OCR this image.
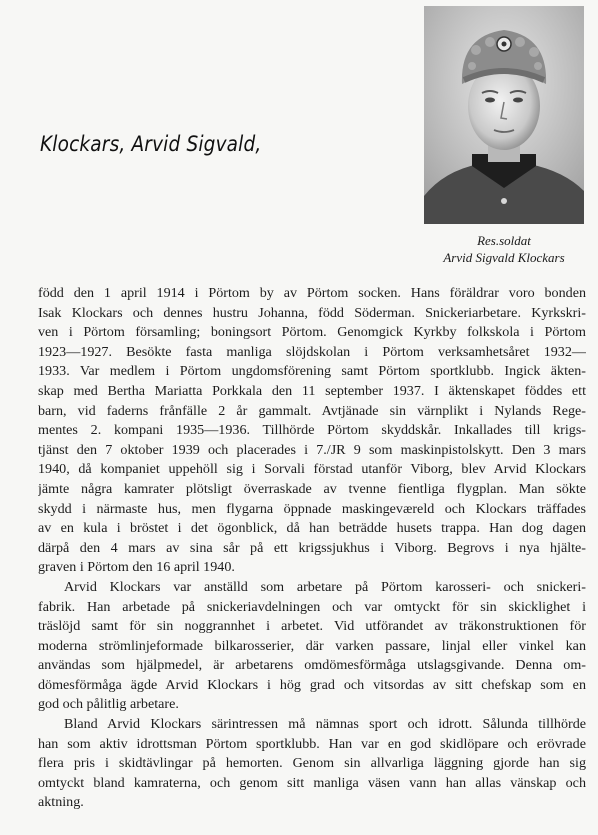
Klockars, Arvid Sigvald,
Res.soldat
Arvid Sigvald Klockars
född den 1 april 1914 i Pörtom by av Pörtom socken. Hans föräldrar voro bonden
Isak Klockars och dennes hustru Johanna, född Söderman. Snickeriarbetare. Kyrkskri-
ven i Pörtom församling; boningsort Pörtom. Genomgick Kyrkby folkskola i Pörtom
1923—1927. Besökte fasta manliga slöjdskolan i Pörtom verksamhetsåret 1932—
1933. Var medlem i Pörtom ungdomsförening samt Pörtom sportklubb. Ingick äkten-
skap med Bertha Mariatta Porkkala den 11 september 1937. I äktenskapet föddes ett
barn, vid faderns frånfälle 2 år gammalt. Avtjänade sin värnplikt i Nylands Rege-
mentes 2. kompani 1935—1936. Tillhörde Pörtom skyddskår. Inkallades till krigs-
tjänst den 7 oktober 1939 och placerades i 7./JR 9 som maskinpistolskytt. Den 3 mars
1940, då kompaniet uppehöll sig i Sorvali förstad utanför Viborg, blev Arvid Klockars
jämte några kamrater plötsligt överraskade av tvenne fientliga flygplan. Man sökte
skydd i närmaste hus, men flygarna öppnade maskingeværeld och Klockars träffades
av en kula i bröstet i det ögonblick, då han beträdde husets trappa. Han dog dagen
därpå den 4 mars av sina sår på ett krigssjukhus i Viborg. Begrovs i nya hjälte-
graven i Pörtom den 16 april 1940.
Arvid Klockars var anställd som arbetare på Pörtom karosseri- och snickeri-
fabrik. Han arbetade på snickeriavdelningen och var omtyckt för sin skicklighet i
träslöjd samt för sin noggrannhet i arbetet. Vid utförandet av träkonstruktionen för
moderna strömlinjeformade bilkarosserier, där varken passare, linjal eller vinkel kan
användas som hjälpmedel, är arbetarens omdömesförmåga utslagsgivande. Denna om-
dömesförmåga ägde Arvid Klockars i hög grad och vitsordas av sitt chefskap som en
god och pålitlig arbetare.
Bland Arvid Klockars särintressen må nämnas sport och idrott. Sålunda tillhörde
han som aktiv idrottsman Pörtom sportklubb. Han var en god skidlöpare och erövrade
flera pris i skidtävlingar på hemorten. Genom sin allvarliga läggning gjorde han sig
omtyckt bland kamraterna, och genom sitt manliga väsen vann han allas vänskap och
aktning.
